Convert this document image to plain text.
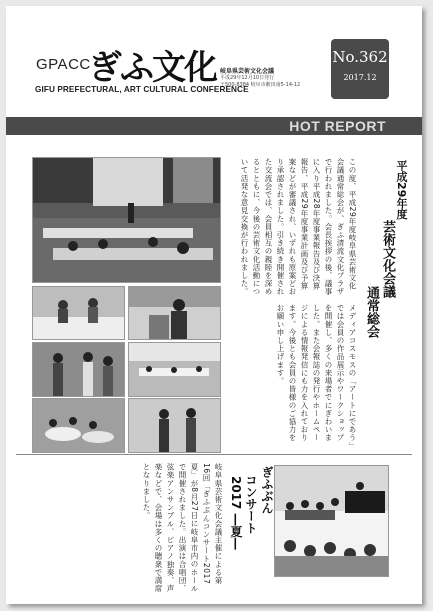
GPACC
ぎふ文化
GIFU PREFECTURAL, ART CULTURAL CONFERENCE
岐阜県芸術文化会議
平成29年12月10日発行
〒500-8384 岐阜市藪田南5-14-12
No.362
2017.12
HOT REPORT
この度、平成29年度岐阜県芸術文化会議通常総会が、ぎふ清流文化プラザで行われました。会長挨拶の後、議事に入り平成28年度事業報告及び決算報告、平成29年度事業計画及び予算案などが審議され、いずれも原案どおり承認されました。引き続き開催された交流会では、会員相互の親睦を深めるとともに、今後の芸術文化活動について活発な意見交換が行われました。
メディアコスモスの「アートにであう」では会員の作品展示やワークショップを開催し、多くの来場者でにぎわいました。また会報誌の発行やホームページによる情報発信にも力を入れております。今後とも会員の皆様のご協力をお願い申し上げます。
平成29年度
芸術文化会議
通常総会
岐阜県芸術文化会議主催による第16回「ぎふぶんコンサート2017夏」が8月27日に岐阜市内のホールで開催されました。出演は合唱団、弦楽アンサンブル、ピアノ独奏、声楽などで、会場は多くの聴衆で満席となりました。	ぎふぶん
コンサート
2017 ―夏―
